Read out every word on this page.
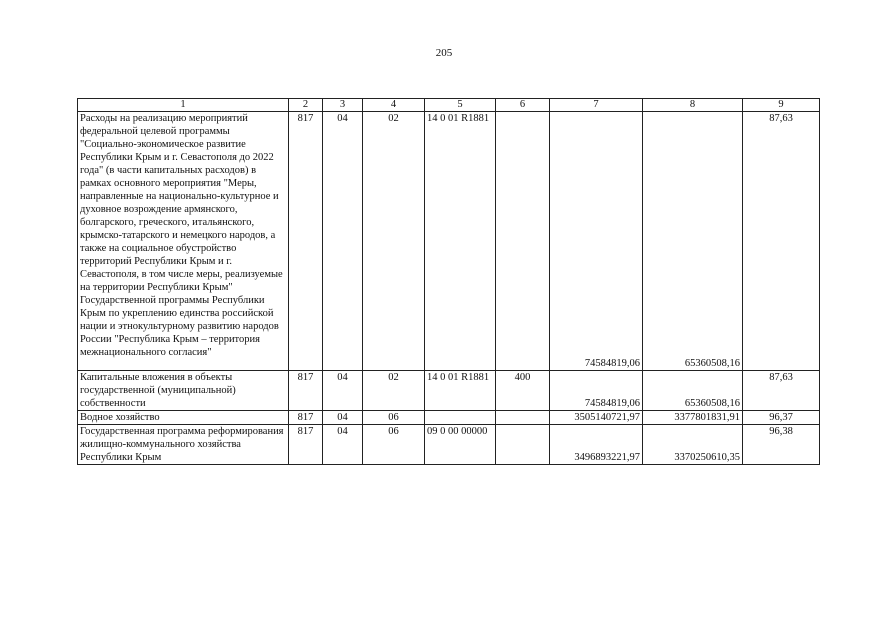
205
1	2	3	4	5	6	7	8	9
Расходы на реализацию мероприятий федеральной целевой программы "Социально-экономическое развитие Республики Крым и г. Севастополя до 2022 года" (в части капитальных расходов) в рамках основного мероприятия "Меры, направленные на национально-культурное и духовное возрождение армянского, болгарского, греческого, итальянского, крымско-татарского и немецкого народов, а также на социальное обустройство территорий Республики Крым и г. Севастополя, в том числе меры, реализуемые на территории Республики Крым" Государственной программы Республики Крым по укреплению единства российской нации и этнокультурному развитию народов России "Республика Крым – территория межнационального согласия"	817	04	02	14 0 01 R1881		74584819,06	65360508,16	87,63
Капитальные вложения в объекты государственной (муниципальной) собственности	817	04	02	14 0 01 R1881	400	74584819,06	65360508,16	87,63
Водное хозяйство	817	04	06			3505140721,97	3377801831,91	96,37
Государственная программа реформирования жилищно-коммунального хозяйства Республики Крым	817	04	06	09 0 00 00000		3496893221,97	3370250610,35	96,38
